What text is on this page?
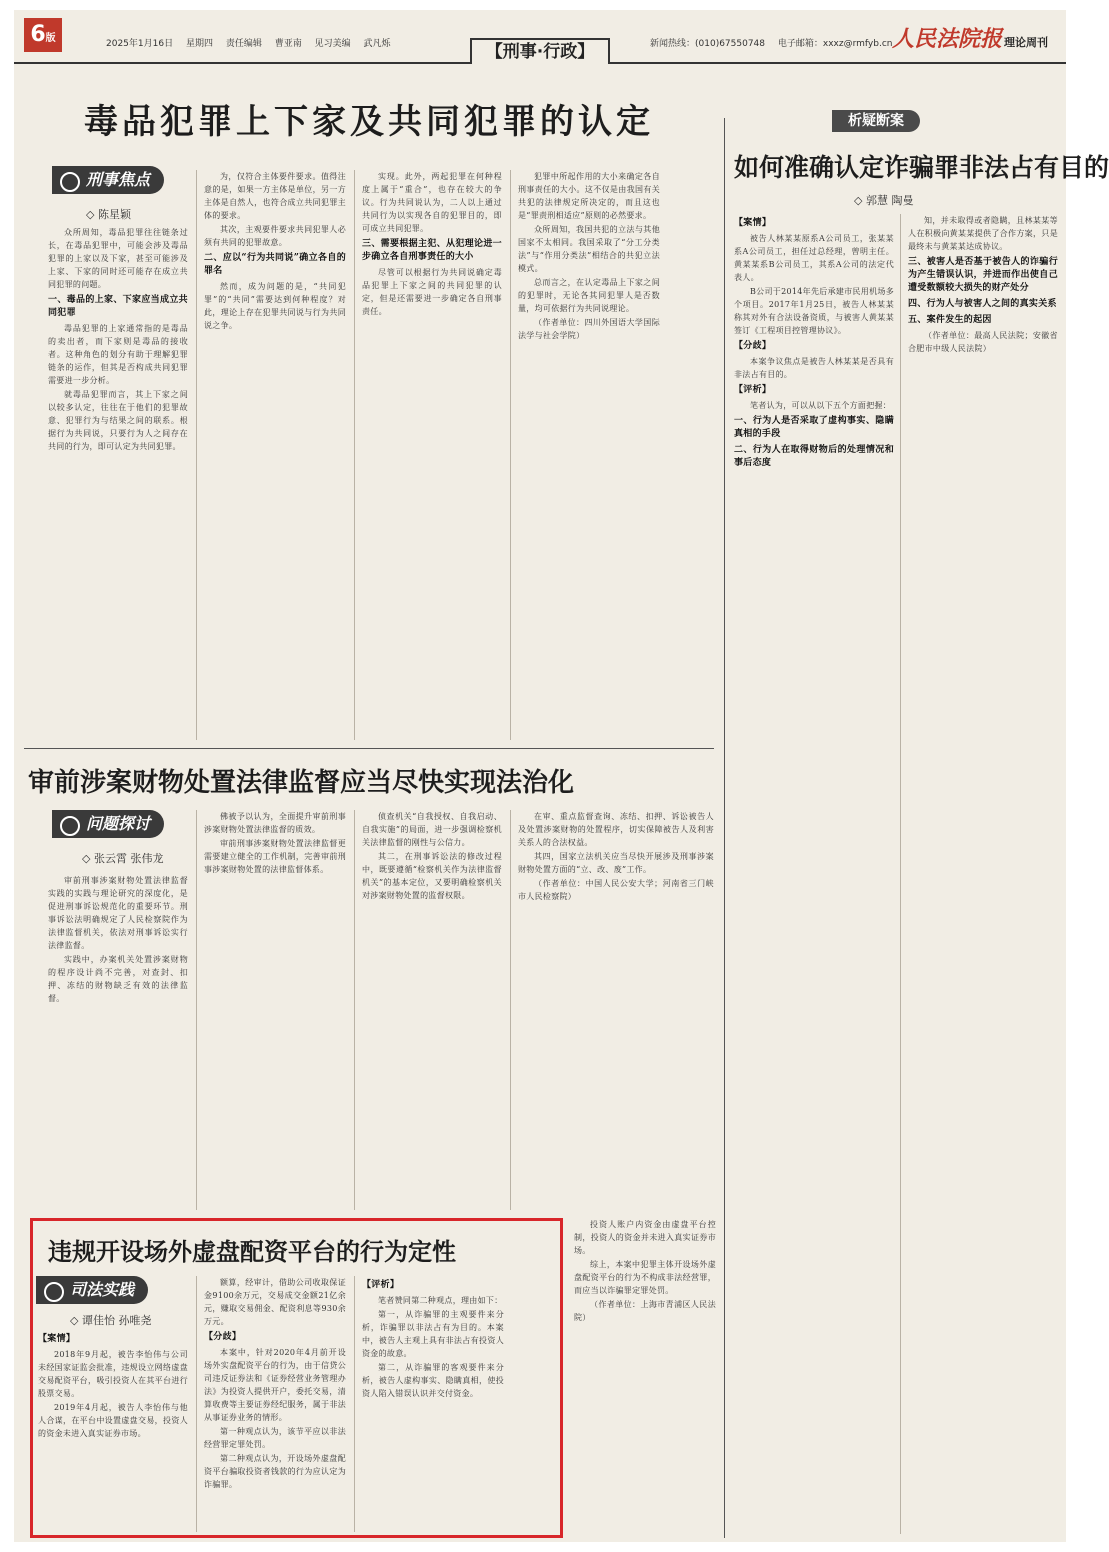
6版	2025年1月16日 星期四 责任编辑 曹亚南 见习美编 武凡烁	【刑事·行政】	新闻热线：(010)67550748 电子邮箱：xxxz@rmfyb.cn 人民法院报 理论周刊
毒品犯罪上下家及共同犯罪的认定
刑事焦点
◇ 陈星颖

众所周知，毒品犯罪往往链条过长，在毒品犯罪中，可能会涉及毒品犯罪的上家以及下家，甚至可能涉及上家、下家的同时还可能存在成立共同犯罪的问题。

一、毒品的上家、下家应当成立共同犯罪

毒品犯罪的上家通常指的是毒品的卖出者，而下家则是毒品的接收者。这种角色的划分有助于理解犯罪链条的运作，但其是否构成共同犯罪需要进一步分析。

就毒品犯罪而言，其上下家之间以较多认定，往往在于他们的犯罪故意、犯罪行为与结果之间的联系。根据行为共同说，只要行为人之间存在共同的行为，即可认定为共同犯罪。

为，仅符合主体要件要求。值得注意的是，如果一方主体是单位，另一方主体是自然人，也符合成立共同犯罪主体的要求。

其次，主观要件要求共同犯罪人必须有共同的犯罪故意。

二、应以“行为共同说”确立各自的罪名

然而，成为问题的是，“共同犯罪”的“共同”需要达到何种程度？对此，理论上存在犯罪共同说与行为共同说之争。

实现。此外，两起犯罪在何种程度上属于“重合”，也存在较大的争议。行为共同说认为，二人以上通过共同行为以实现各自的犯罪目的，即可成立共同犯罪。

三、需要根据主犯、从犯理论进一步确立各自刑事责任的大小

尽管可以根据行为共同说确定毒品犯罪上下家之间的共同犯罪的认定，但是还需要进一步确定各自刑事责任。

犯罪中所起作用的大小来确定各自刑事责任的大小。这不仅是由我国有关共犯的法律规定所决定的，而且这也是“罪责刑相适应”原则的必然要求。

众所周知，我国共犯的立法与其他国家不太相同。我国采取了“分工分类法”与“作用分类法”相结合的共犯立法模式。

总而言之，在认定毒品上下家之间的犯罪时，无论各其同犯罪人是否数量，均可依据行为共同说理论。

（作者单位：四川外国语大学国际法学与社会学院）

析疑断案
如何准确认定诈骗罪非法占有目的
◇ 郭慧 陶曼
【案情】

被告人林某某原系A公司员工，张某某系A公司员工，担任过总经理，曾明主任。黄某某系B公司员工，其系A公司的法定代表人。

B公司于2014年先后承建市民用机场多个项目。2017年1月25日，被告人林某某称其对外有合法设备资质，与被害人黄某某签订《工程项目控管理协议》。

【分歧】

本案争议焦点是被告人林某某是否具有非法占有目的。

【评析】

笔者认为，可以从以下五个方面把握：

一、行为人是否采取了虚构事实、隐瞒真相的手段
二、行为人在取得财物后的处理情况和事后态度

知，并未取得或者隐瞒，且林某某等人在积极向黄某某提供了合作方案，只是最终未与黄某某达成协议。

三、被害人是否基于被告人的诈骗行为产生错误认识，并进而作出使自己遭受数额较大损失的财产处分
四、行为人与被害人之间的真实关系
五、案件发生的起因

（作者单位：最高人民法院；安徽省合肥市中级人民法院）

审前涉案财物处置法律监督应当尽快实现法治化
问题探讨
◇ 张云霄 张伟龙

审前刑事涉案财物处置法律监督实践的实践与理论研究的深度化，是促进刑事诉讼规范化的重要环节。刑事诉讼法明确规定了人民检察院作为法律监督机关，依法对刑事诉讼实行法律监督。

实践中，办案机关处置涉案财物的程序设计尚不完善，对查封、扣押、冻结的财物缺乏有效的法律监督。

佛被予以认为，全面提升审前刑事涉案财物处置法律监督的质效。

审前刑事涉案财物处置法律监督更需要建立健全的工作机制，完善审前刑事涉案财物处置的法律监督体系。

侦查机关“自我授权、自我启动、自我实施”的局面，进一步强调检察机关法律监督的刚性与公信力。

其二，在刑事诉讼法的修改过程中，既要遵循“检察机关作为法律监督机关”的基本定位，又要明确检察机关对涉案财物处置的监督权限。

在审、重点监督查询、冻结、扣押、诉讼被告人及处置涉案财物的处置程序，切实保障被告人及利害关系人的合法权益。

其四，国家立法机关应当尽快开展涉及刑事涉案财物处置方面的“立、改、废”工作。

（作者单位：中国人民公安大学；河南省三门峡市人民检察院）

违规开设场外虚盘配资平台的行为定性
司法实践
◇ 谭佳怡 孙唯尧
【案情】

2018年9月起，被告李怡伟与公司未经国家证监会批准，违规设立网络虚盘交易配资平台，吸引投资人在其平台进行股票交易。

2019年4月起，被告人李怡伟与他人合谋，在平台中设置虚盘交易，投资人的资金未进入真实证券市场。

额算，经审计，借助公司收取保证金9100余万元，交易成交金额21亿余元，赚取交易佣金、配资利息等930余万元。

【分歧】

本案中，针对2020年4月前开设场外实盘配资平台的行为，由于信贷公司违反证券法和《证券经营业务管理办法》为投资人提供开户，委托交易，清算收费等主要证券经纪服务，属于非法从事证券业务的情形。

第一种观点认为，该节平应以非法经营罪定罪处罚。

第二种观点认为，开设场外虚盘配资平台骗取投资者钱款的行为应认定为诈骗罪。

【评析】

笔者赞同第二种观点，理由如下：

第一，从诈骗罪的主观要件来分析，诈骗罪以非法占有为目的。本案中，被告人主观上具有非法占有投资人资金的故意。

第二，从诈骗罪的客观要件来分析，被告人虚构事实、隐瞒真相，使投资人陷入错误认识并交付资金。

投资人账户内资金由虚盘平台控制，投资人的资金并未进入真实证券市场。

综上，本案中犯罪主体开设场外虚盘配资平台的行为不构成非法经营罪，而应当以诈骗罪定罪处罚。

（作者单位：上海市青浦区人民法院）
